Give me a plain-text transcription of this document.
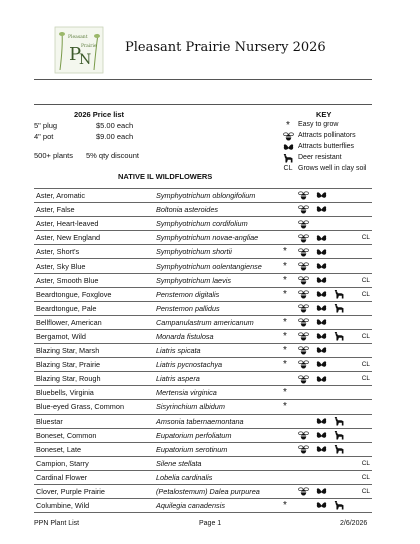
P
N
Pleasant
Prairie Pleasant Prairie Nursery 2026
2026 Price list
5" plug	$5.00 each
4" pot	$9.00 each
500+ plants 5% qty discount
KEY
*	Easy to grow
Attracts pollinators
Attracts butterflies
Deer resistant
CL Grows well in clay soil
NATIVE IL WILDFLOWERS
Aster, Aromatic	Symphyotrichum oblongifolium					
Aster, False	Boltonia asteroides					
Aster, Heart-leaved	Symphyotrichum cordifolium					
Aster, New England	Symphyotrichum novae-angliae					CL
Aster, Short's	Symphyotrichum shortii	*				
Aster, Sky Blue	Symphyotrichum oolentangiense	*				
Aster, Smooth Blue	Symphyotrichum laevis	*				CL
Beardtongue, Foxglove	Penstemon digitalis	*				CL
Beardtongue, Pale	Penstemon pallidus					
Bellflower, American	Campanulastrum americanum	*				
Bergamot, Wild	Monarda fistulosa	*				CL
Blazing Star, Marsh	Liatris spicata	*				
Blazing Star, Prairie	Liatris pycnostachya	*				CL
Blazing Star, Rough	Liatris aspera					CL
Bluebells, Virginia	Mertensia virginica	*				
Blue-eyed Grass, Common	Sisyrinchium albidum	*				
Bluestar	Amsonia tabernaemontana					
Boneset, Common	Eupatorium perfoliatum					
Boneset, Late	Eupatorium serotinum					
Campion, Starry	Silene stellata					CL
Cardinal Flower	Lobelia cardinalis					CL
Clover, Purple Prairie	(Petalostemum) Dalea purpurea					CL
Columbine, Wild	Aquilegia canadensis	*				
PPN Plant List	Page 1	2/6/2026
